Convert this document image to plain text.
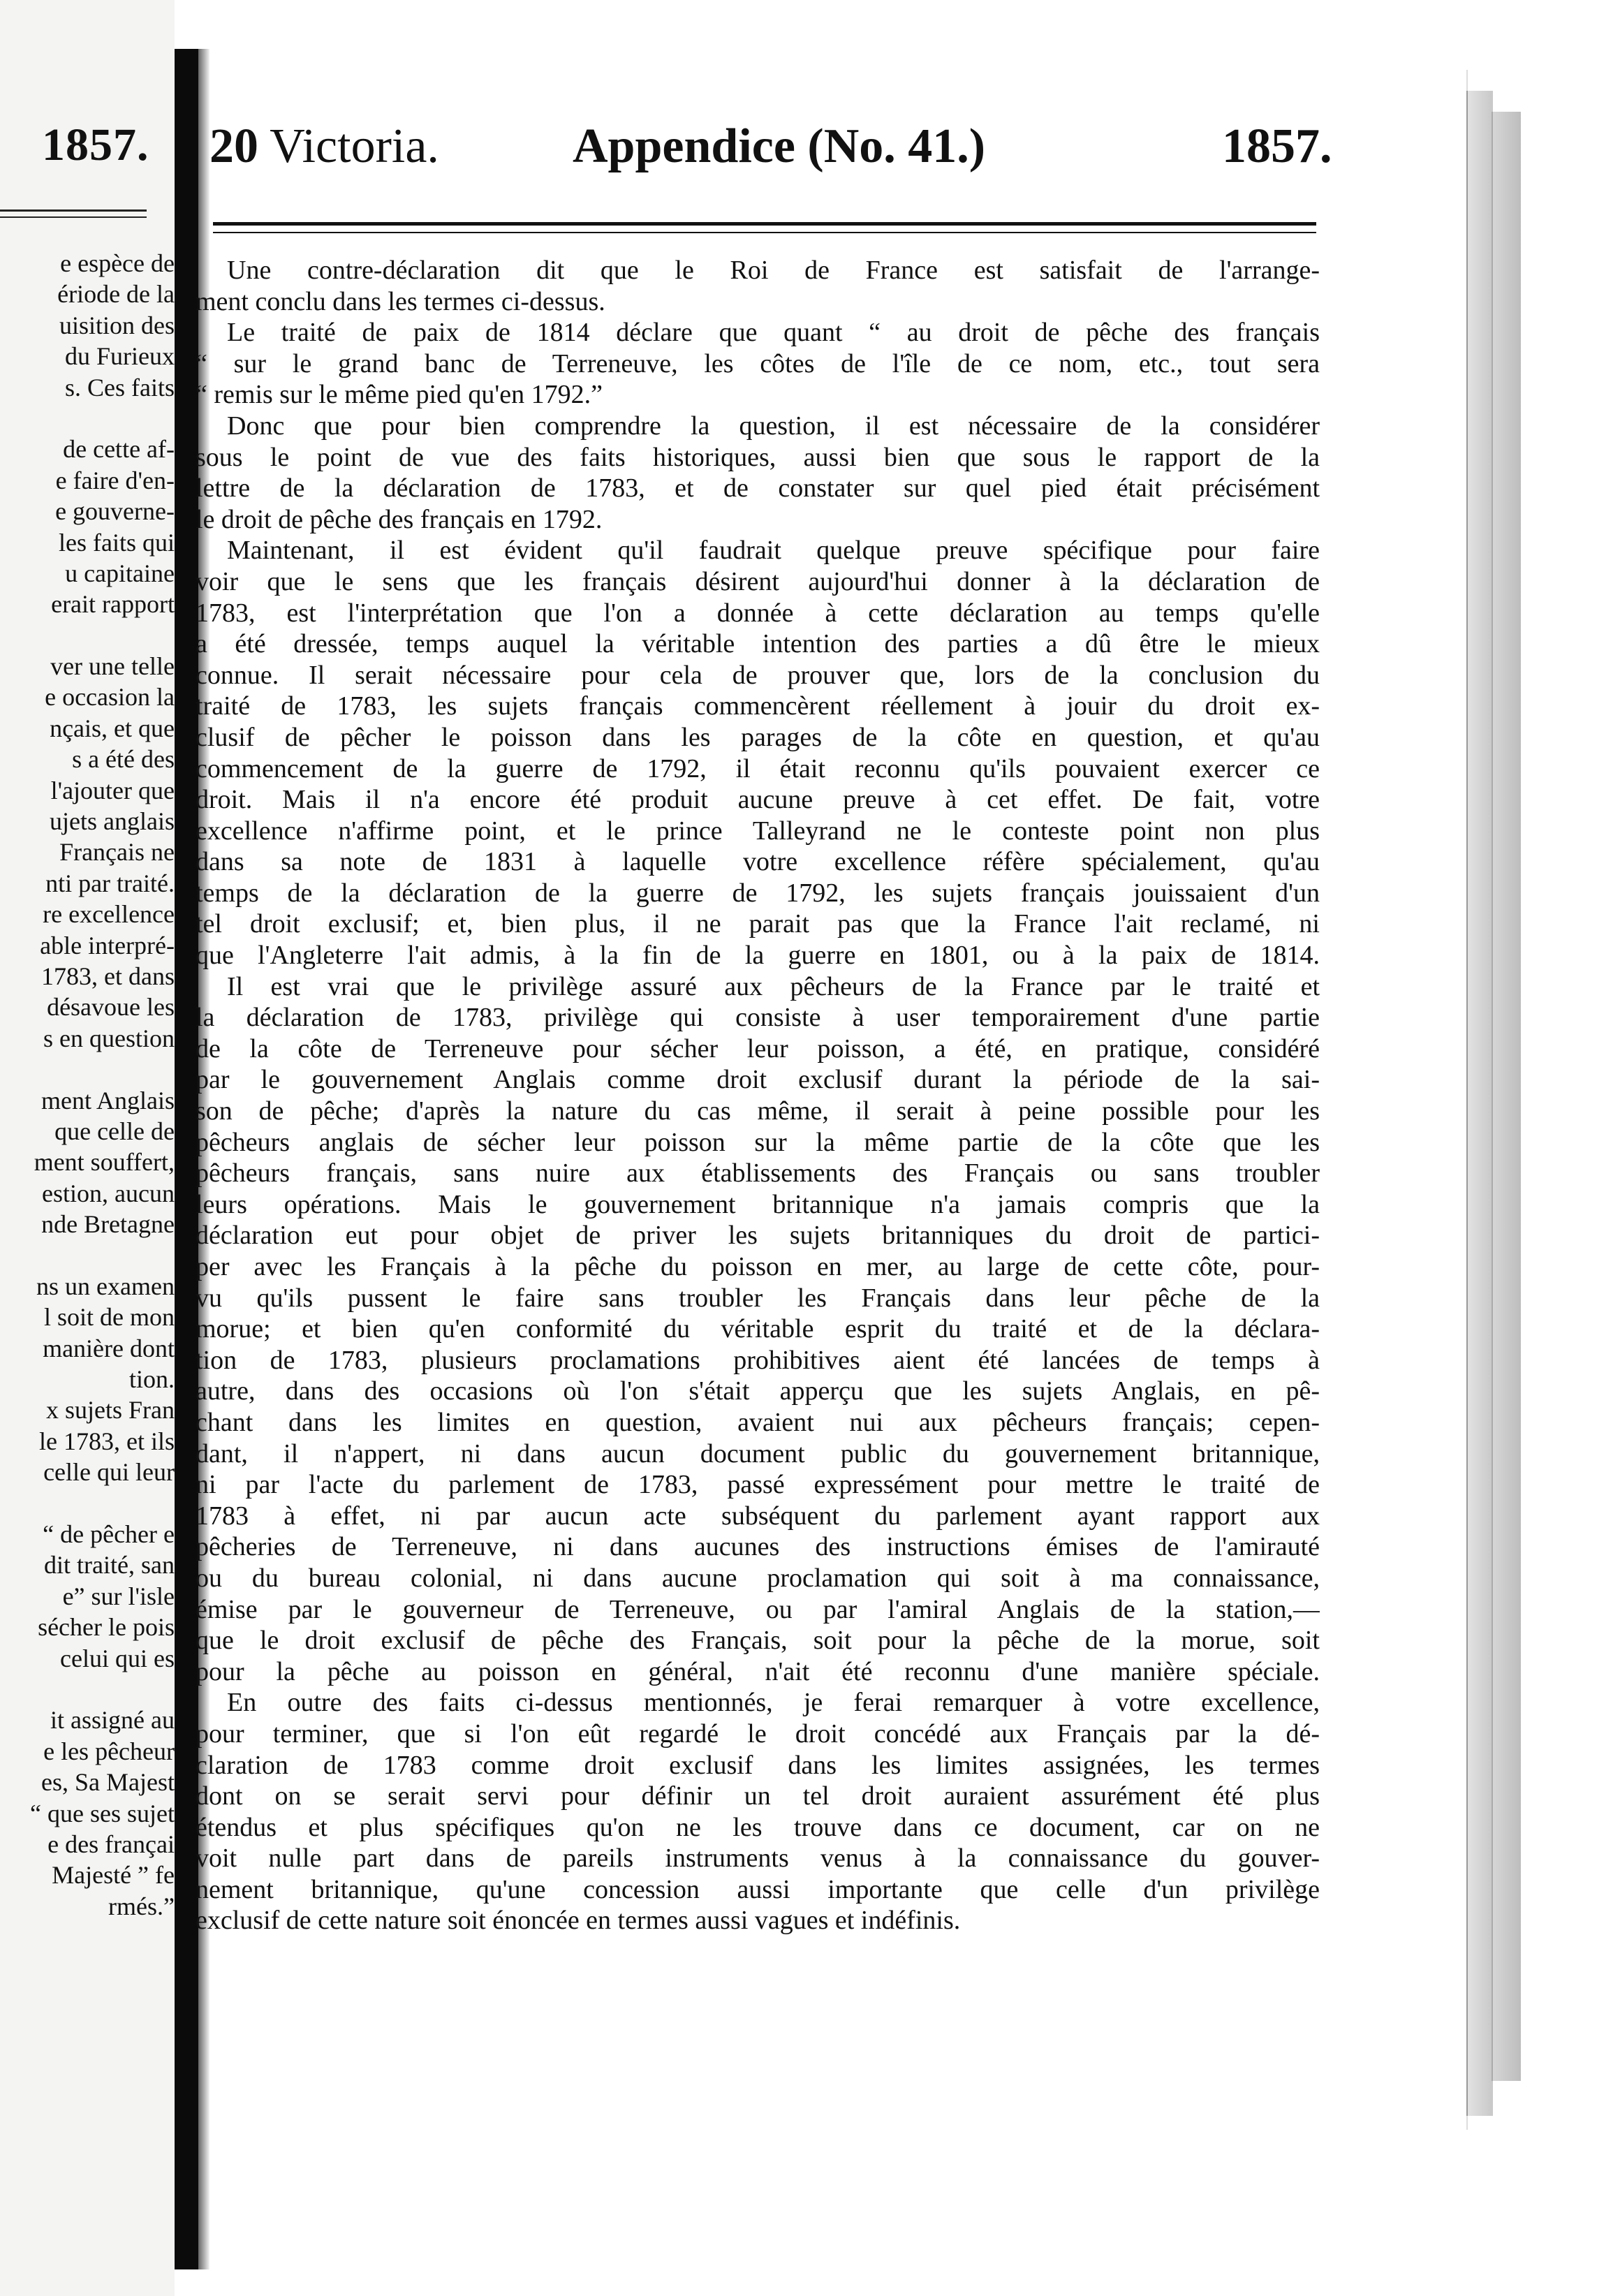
1857.
e espèce de
ériode de la
uisition des
du Furieux
s. Ces faits
de cette af-
e faire d'en-
e gouverne-
les faits qui
u capitaine
erait rapport
ver une telle
e occasion la
nçais, et que
s a été des
l'ajouter que
ujets anglais
Français ne
nti par traité.
re excellence
able interpré-
1783, et dans
désavoue les
s en question
ment Anglais
que celle de
ment souffert,
estion, aucun
nde Bretagne
ns un examen
l soit de mon
manière dont
tion.
x sujets Fran
le 1783, et ils
celle qui leur
“ de pêcher e
dit traité, san
e” sur l'isle
sécher le pois
celui qui es
it assigné au
e les pêcheur
es, Sa Majest
“ que ses sujet
e des françai
Majesté ” fe
rmés.”
20 Victoria.	Appendice (No. 41.)	1857.
Une contre-déclaration dit que le Roi de France est satisfait de l'arrange-
ment conclu dans les termes ci-dessus.
Le traité de paix de 1814 déclare que quant “ au droit de pêche des français
“ sur le grand banc de Terreneuve, les côtes de l'île de ce nom, etc., tout sera
“ remis sur le même pied qu'en 1792.”
Donc que pour bien comprendre la question, il est nécessaire de la considérer
sous le point de vue des faits historiques, aussi bien que sous le rapport de la
lettre de la déclaration de 1783, et de constater sur quel pied était précisément
le droit de pêche des français en 1792.
Maintenant, il est évident qu'il faudrait quelque preuve spécifique pour faire
voir que le sens que les français désirent aujourd'hui donner à la déclaration de
1783, est l'interprétation que l'on a donnée à cette déclaration au temps qu'elle
a été dressée, temps auquel la véritable intention des parties a dû être le mieux
connue. Il serait nécessaire pour cela de prouver que, lors de la conclusion du
traité de 1783, les sujets français commencèrent réellement à jouir du droit ex-
clusif de pêcher le poisson dans les parages de la côte en question, et qu'au
commencement de la guerre de 1792, il était reconnu qu'ils pouvaient exercer ce
droit. Mais il n'a encore été produit aucune preuve à cet effet. De fait, votre
excellence n'affirme point, et le prince Talleyrand ne le conteste point non plus
dans sa note de 1831 à laquelle votre excellence réfère spécialement, qu'au
temps de la déclaration de la guerre de 1792, les sujets français jouissaient d'un
tel droit exclusif; et, bien plus, il ne parait pas que la France l'ait reclamé, ni
que l'Angleterre l'ait admis, à la fin de la guerre en 1801, ou à la paix de 1814.
Il est vrai que le privilège assuré aux pêcheurs de la France par le traité et
la déclaration de 1783, privilège qui consiste à user temporairement d'une partie
de la côte de Terreneuve pour sécher leur poisson, a été, en pratique, considéré
par le gouvernement Anglais comme droit exclusif durant la période de la sai-
son de pêche; d'après la nature du cas même, il serait à peine possible pour les
pêcheurs anglais de sécher leur poisson sur la même partie de la côte que les
pêcheurs français, sans nuire aux établissements des Français ou sans troubler
leurs opérations. Mais le gouvernement britannique n'a jamais compris que la
déclaration eut pour objet de priver les sujets britanniques du droit de partici-
per avec les Français à la pêche du poisson en mer, au large de cette côte, pour-
vu qu'ils pussent le faire sans troubler les Français dans leur pêche de la
morue; et bien qu'en conformité du véritable esprit du traité et de la déclara-
tion de 1783, plusieurs proclamations prohibitives aient été lancées de temps à
autre, dans des occasions où l'on s'était apperçu que les sujets Anglais, en pê-
chant dans les limites en question, avaient nui aux pêcheurs français; cepen-
dant, il n'appert, ni dans aucun document public du gouvernement britannique,
ni par l'acte du parlement de 1783, passé expressément pour mettre le traité de
1783 à effet, ni par aucun acte subséquent du parlement ayant rapport aux
pêcheries de Terreneuve, ni dans aucunes des instructions émises de l'amirauté
ou du bureau colonial, ni dans aucune proclamation qui soit à ma connaissance,
émise par le gouverneur de Terreneuve, ou par l'amiral Anglais de la station,—
que le droit exclusif de pêche des Français, soit pour la pêche de la morue, soit
pour la pêche au poisson en général, n'ait été reconnu d'une manière spéciale.
En outre des faits ci-dessus mentionnés, je ferai remarquer à votre excellence,
pour terminer, que si l'on eût regardé le droit concédé aux Français par la dé-
claration de 1783 comme droit exclusif dans les limites assignées, les termes
dont on se serait servi pour définir un tel droit auraient assurément été plus
étendus et plus spécifiques qu'on ne les trouve dans ce document, car on ne
voit nulle part dans de pareils instruments venus à la connaissance du gouver-
nement britannique, qu'une concession aussi importante que celle d'un privilège
exclusif de cette nature soit énoncée en termes aussi vagues et indéfinis.
